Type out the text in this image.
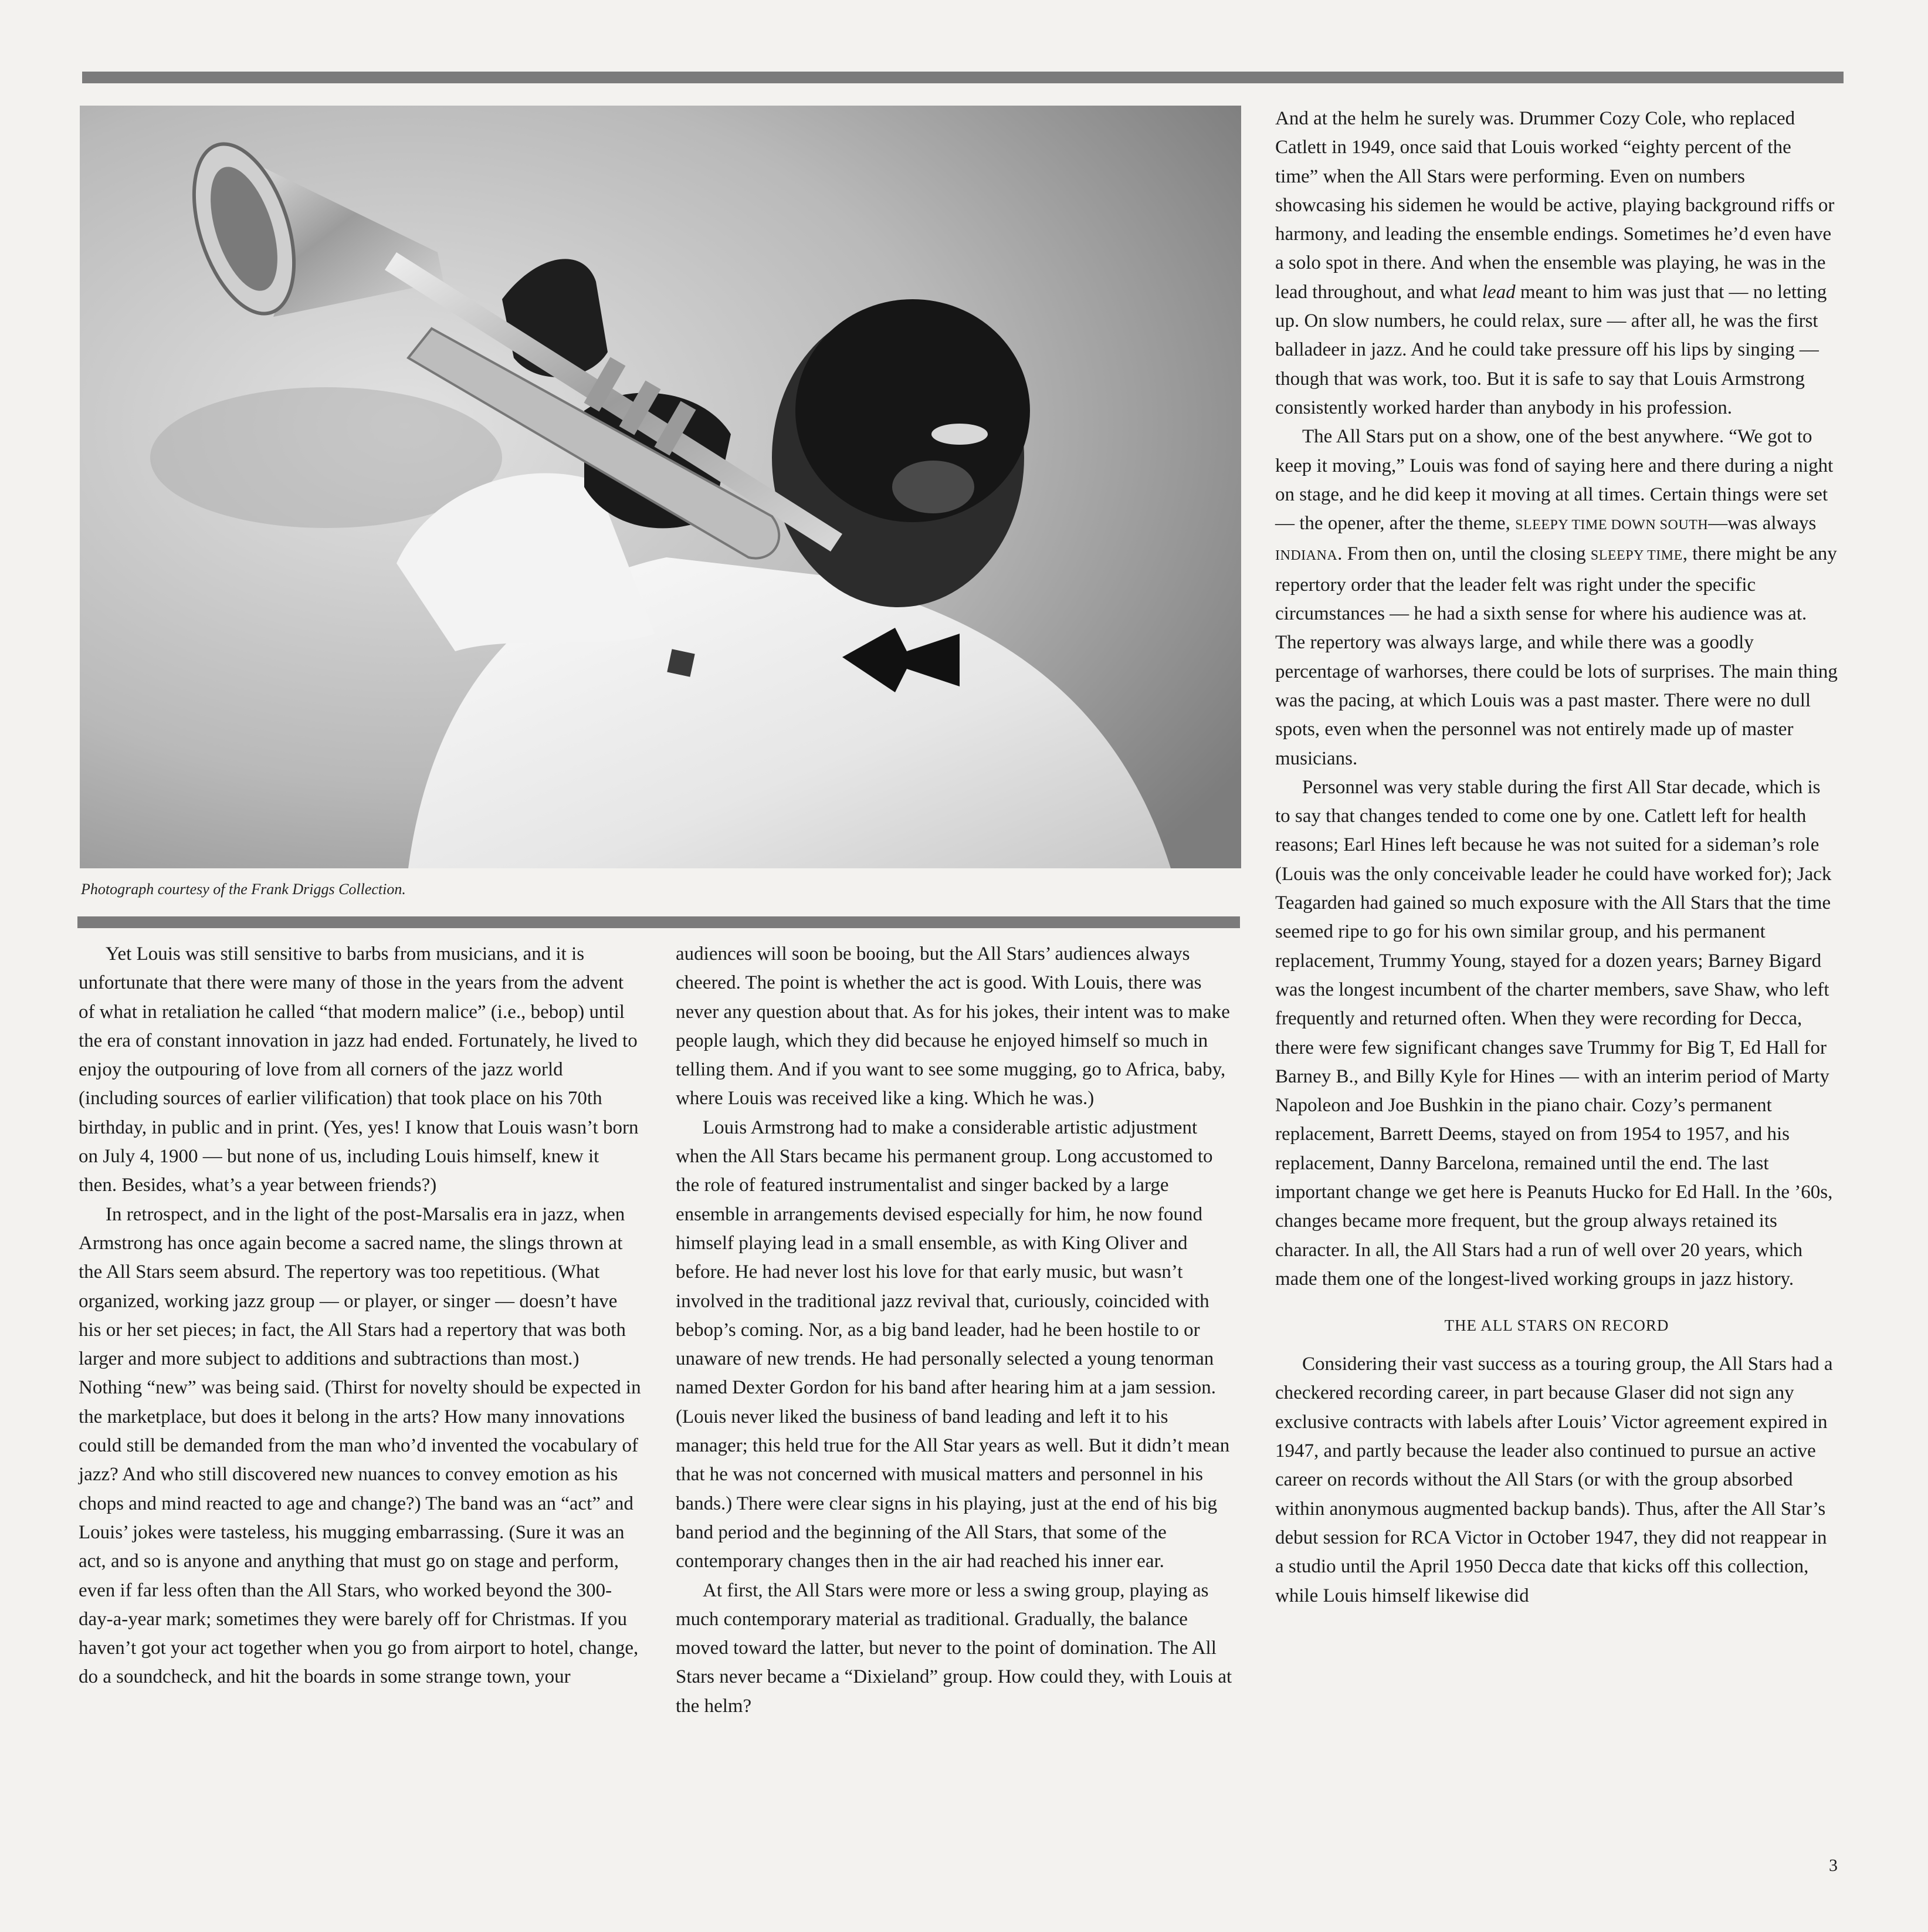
Photograph courtesy of the Frank Driggs Collection.

Yet Louis was still sensitive to barbs from musicians, and it is unfortunate that there were many of those in the years from the advent of what in retaliation he called “that modern malice” (i.e., bebop) until the era of constant innovation in jazz had ended. Fortunately, he lived to enjoy the outpouring of love from all corners of the jazz world (including sources of earlier vilification) that took place on his 70th birthday, in public and in print. (Yes, yes! I know that Louis wasn’t born on July 4, 1900 — but none of us, including Louis himself, knew it then. Besides, what’s a year between friends?)

In retrospect, and in the light of the post-Marsalis era in jazz, when Armstrong has once again become a sacred name, the slings thrown at the All Stars seem absurd. The repertory was too repetitious. (What organized, working jazz group — or player, or singer — doesn’t have his or her set pieces; in fact, the All Stars had a repertory that was both larger and more subject to additions and subtractions than most.) Nothing “new” was being said. (Thirst for novelty should be expected in the marketplace, but does it belong in the arts? How many innovations could still be demanded from the man who’d invented the vocabulary of jazz? And who still discovered new nuances to convey emotion as his chops and mind reacted to age and change?) The band was an “act” and Louis’ jokes were tasteless, his mugging embarrassing. (Sure it was an act, and so is anyone and anything that must go on stage and perform, even if far less often than the All Stars, who worked beyond the 300-day-a-year mark; sometimes they were barely off for Christmas. If you haven’t got your act together when you go from airport to hotel, change, do a soundcheck, and hit the boards in some strange town, your

audiences will soon be booing, but the All Stars’ audiences always cheered. The point is whether the act is good. With Louis, there was never any question about that. As for his jokes, their intent was to make people laugh, which they did because he enjoyed himself so much in telling them. And if you want to see some mugging, go to Africa, baby, where Louis was received like a king. Which he was.)

Louis Armstrong had to make a considerable artistic adjustment when the All Stars became his permanent group. Long accustomed to the role of featured instrumentalist and singer backed by a large ensemble in arrangements devised especially for him, he now found himself playing lead in a small ensemble, as with King Oliver and before. He had never lost his love for that early music, but wasn’t involved in the traditional jazz revival that, curiously, coincided with bebop’s coming. Nor, as a big band leader, had he been hostile to or unaware of new trends. He had personally selected a young tenorman named Dexter Gordon for his band after hearing him at a jam session. (Louis never liked the business of band leading and left it to his manager; this held true for the All Star years as well. But it didn’t mean that he was not concerned with musical matters and personnel in his bands.) There were clear signs in his playing, just at the end of his big band period and the beginning of the All Stars, that some of the contemporary changes then in the air had reached his inner ear.

At first, the All Stars were more or less a swing group, playing as much contemporary material as traditional. Gradually, the balance moved toward the latter, but never to the point of domination. The All Stars never became a “Dixieland” group. How could they, with Louis at the helm?

And at the helm he surely was. Drummer Cozy Cole, who replaced Catlett in 1949, once said that Louis worked “eighty percent of the time” when the All Stars were performing. Even on numbers showcasing his sidemen he would be active, playing background riffs or harmony, and leading the ensemble endings. Sometimes he’d even have a solo spot in there. And when the ensemble was playing, he was in the lead throughout, and what lead meant to him was just that — no letting up. On slow numbers, he could relax, sure — after all, he was the first balladeer in jazz. And he could take pressure off his lips by singing — though that was work, too. But it is safe to say that Louis Armstrong consistently worked harder than anybody in his profession.

The All Stars put on a show, one of the best anywhere. “We got to keep it moving,” Louis was fond of saying here and there during a night on stage, and he did keep it moving at all times. Certain things were set — the opener, after the theme, SLEEPY TIME DOWN SOUTH—was always INDIANA. From then on, until the closing SLEEPY TIME, there might be any repertory order that the leader felt was right under the specific circumstances — he had a sixth sense for where his audience was at. The repertory was always large, and while there was a goodly percentage of warhorses, there could be lots of surprises. The main thing was the pacing, at which Louis was a past master. There were no dull spots, even when the personnel was not entirely made up of master musicians.

Personnel was very stable during the first All Star decade, which is to say that changes tended to come one by one. Catlett left for health reasons; Earl Hines left because he was not suited for a sideman’s role (Louis was the only conceivable leader he could have worked for); Jack Teagarden had gained so much exposure with the All Stars that the time seemed ripe to go for his own similar group, and his permanent replacement, Trummy Young, stayed for a dozen years; Barney Bigard was the longest incumbent of the charter members, save Shaw, who left frequently and returned often. When they were recording for Decca, there were few significant changes save Trummy for Big T, Ed Hall for Barney B., and Billy Kyle for Hines — with an interim period of Marty Napoleon and Joe Bushkin in the piano chair. Cozy’s permanent replacement, Barrett Deems, stayed on from 1954 to 1957, and his replacement, Danny Barcelona, remained until the end. The last important change we get here is Peanuts Hucko for Ed Hall. In the ’60s, changes became more frequent, but the group always retained its character. In all, the All Stars had a run of well over 20 years, which made them one of the longest-lived working groups in jazz history.

THE ALL STARS ON RECORD

Considering their vast success as a touring group, the All Stars had a checkered recording career, in part because Glaser did not sign any exclusive contracts with labels after Louis’ Victor agreement expired in 1947, and partly because the leader also continued to pursue an active career on records without the All Stars (or with the group absorbed within anonymous augmented backup bands). Thus, after the All Star’s debut session for RCA Victor in October 1947, they did not reappear in a studio until the April 1950 Decca date that kicks off this collection, while Louis himself likewise did

3
